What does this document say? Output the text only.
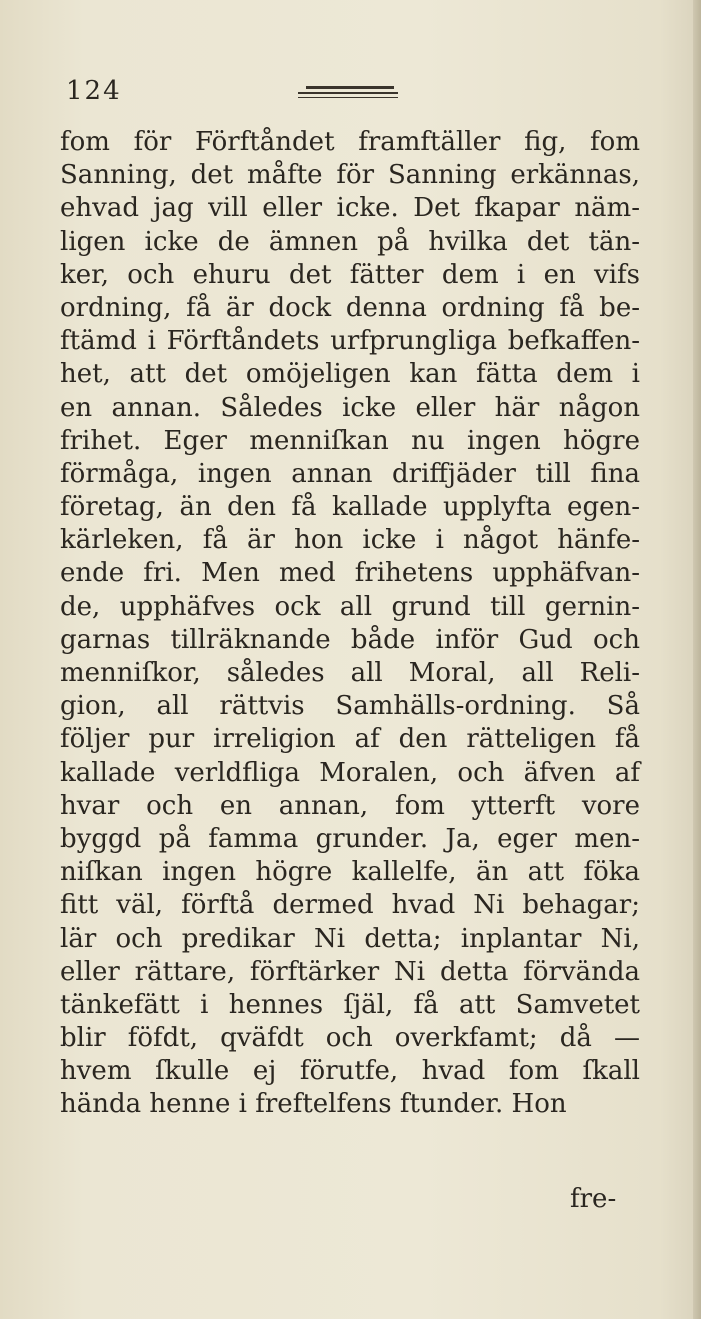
124
fom för Förftåndet framftäller fig, fom
Sanning, det måfte för Sanning erkännas,
ehvad jag vill eller icke. Det fkapar näm-
ligen icke de ämnen på hvilka det tän-
ker, och ehuru det fätter dem i en vifs
ordning, få är dock denna ordning få be-
ftämd i Förftåndets urfprungliga befkaffen-
het, att det omöjeligen kan fätta dem i
en annan. Således icke eller här någon
frihet. Eger menniſkan nu ingen högre
förmåga, ingen annan driffjäder till fina
företag, än den få kallade upplyfta egen-
kärleken, få är hon icke i något hänfe-
ende fri. Men med frihetens upphäfvan-
de, upphäfves ock all grund till gernin-
garnas tillräknande både inför Gud och
menniſkor, således all Moral, all Reli-
gion, all rättvis Samhälls-ordning. Så
följer pur irreligion af den rätteligen få
kallade verldfliga Moralen, och äfven af
hvar och en annan, fom ytterft vore
byggd på famma grunder. Ja, eger men-
niſkan ingen högre kallelfe, än att föka
fitt väl, förftå dermed hvad Ni behagar;
lär och predikar Ni detta; inplantar Ni,
eller rättare, förftärker Ni detta förvända
tänkefätt i hennes ſjäl, få att Samvetet
blir föfdt, qväfdt och overkfamt; då —
hvem ſkulle ej förutfe, hvad fom ſkall
hända henne i freftelfens ftunder. Hon
fre-
